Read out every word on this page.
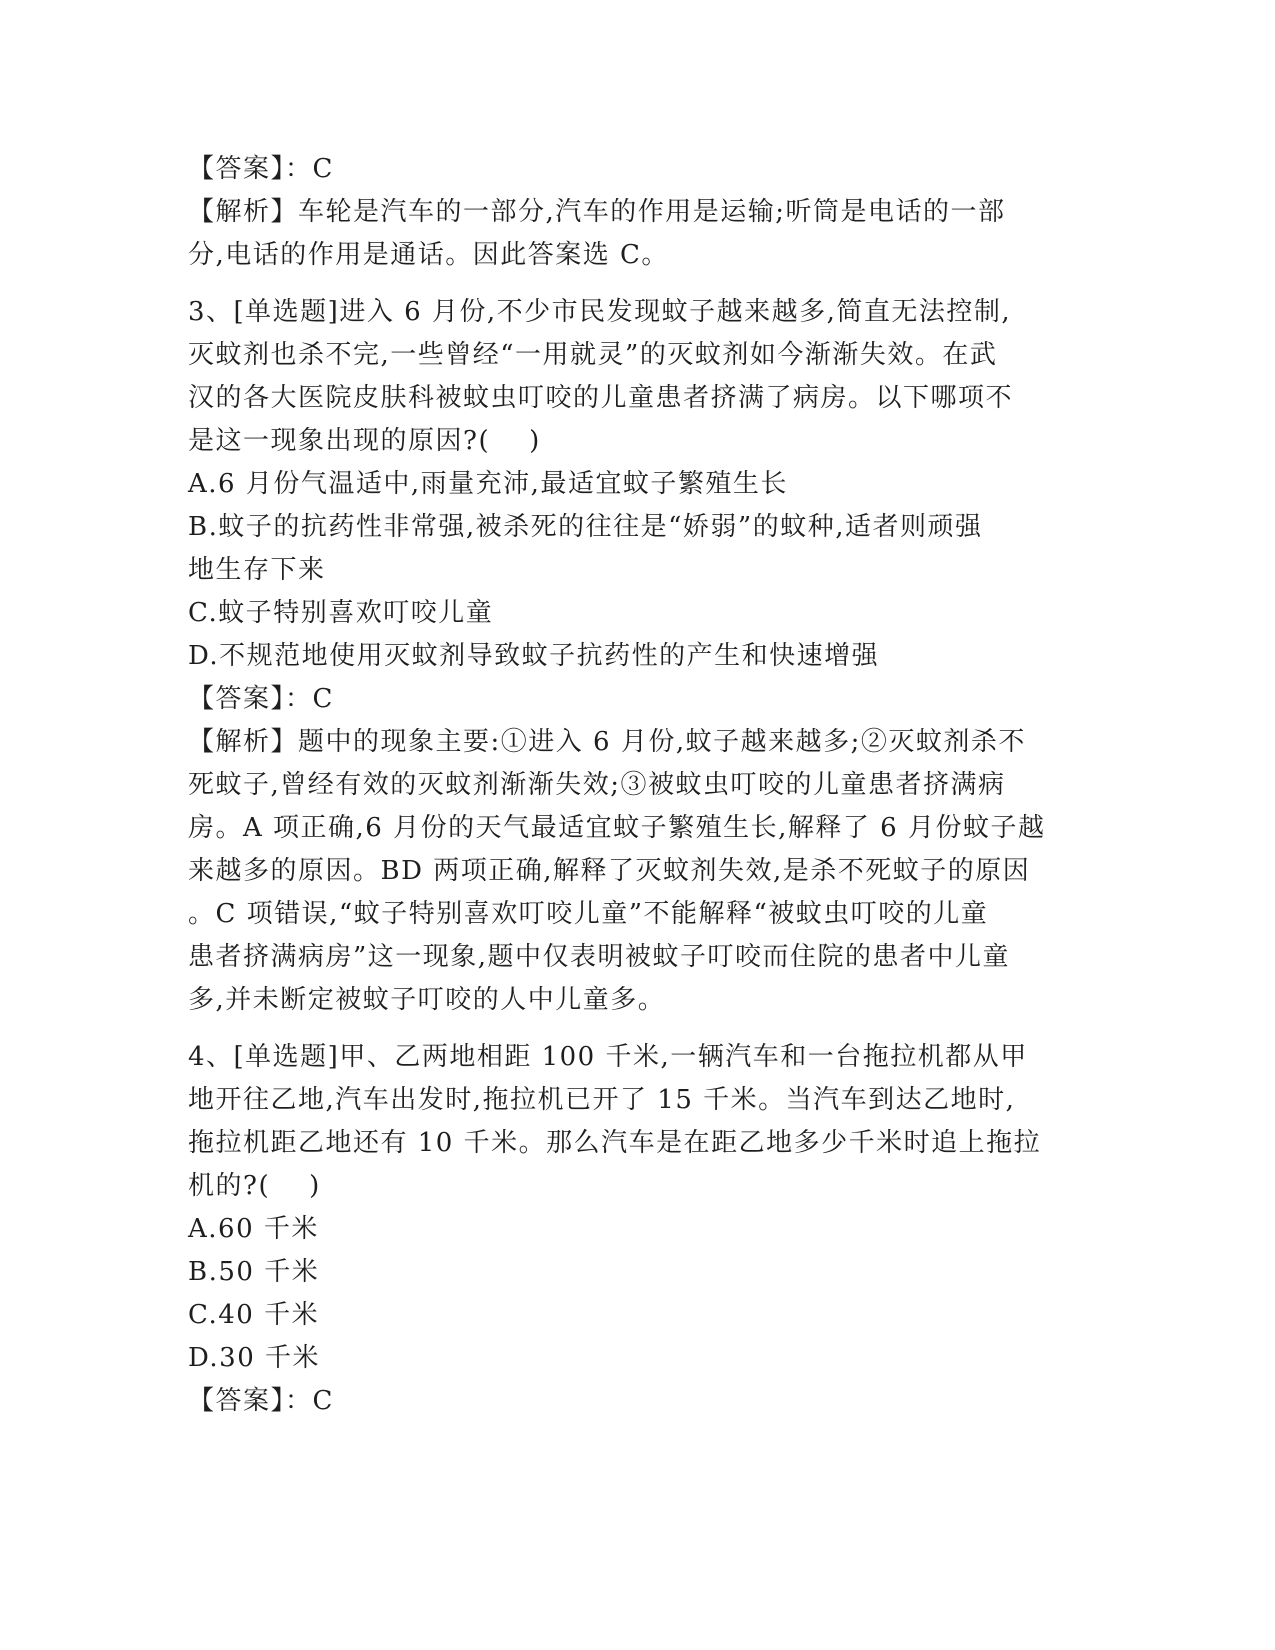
【答案】：C
【解析】车轮是汽车的一部分,汽车的作用是运输;听筒是电话的一部
分,电话的作用是通话。因此答案选 C。
3、[单选题]进入 6 月份,不少市民发现蚊子越来越多,简直无法控制,
灭蚊剂也杀不完,一些曾经“一用就灵”的灭蚊剂如今渐渐失效。在武
汉的各大医院皮肤科被蚊虫叮咬的儿童患者挤满了病房。以下哪项不
是这一现象出现的原因?(    )
A.6 月份气温适中,雨量充沛,最适宜蚊子繁殖生长
B.蚊子的抗药性非常强,被杀死的往往是“娇弱”的蚊种,适者则顽强
地生存下来
C.蚊子特别喜欢叮咬儿童
D.不规范地使用灭蚊剂导致蚊子抗药性的产生和快速增强
【答案】：C
【解析】题中的现象主要:①进入 6 月份,蚊子越来越多;②灭蚊剂杀不
死蚊子,曾经有效的灭蚊剂渐渐失效;③被蚊虫叮咬的儿童患者挤满病
房。A 项正确,6 月份的天气最适宜蚊子繁殖生长,解释了 6 月份蚊子越
来越多的原因。BD 两项正确,解释了灭蚊剂失效,是杀不死蚊子的原因
。C 项错误,“蚊子特别喜欢叮咬儿童”不能解释“被蚊虫叮咬的儿童
患者挤满病房”这一现象,题中仅表明被蚊子叮咬而住院的患者中儿童
多,并未断定被蚊子叮咬的人中儿童多。
4、[单选题]甲、乙两地相距 100 千米,一辆汽车和一台拖拉机都从甲
地开往乙地,汽车出发时,拖拉机已开了 15 千米。当汽车到达乙地时,
拖拉机距乙地还有 10 千米。那么汽车是在距乙地多少千米时追上拖拉
机的?(    )
A.60 千米
B.50 千米
C.40 千米
D.30 千米
【答案】：C
